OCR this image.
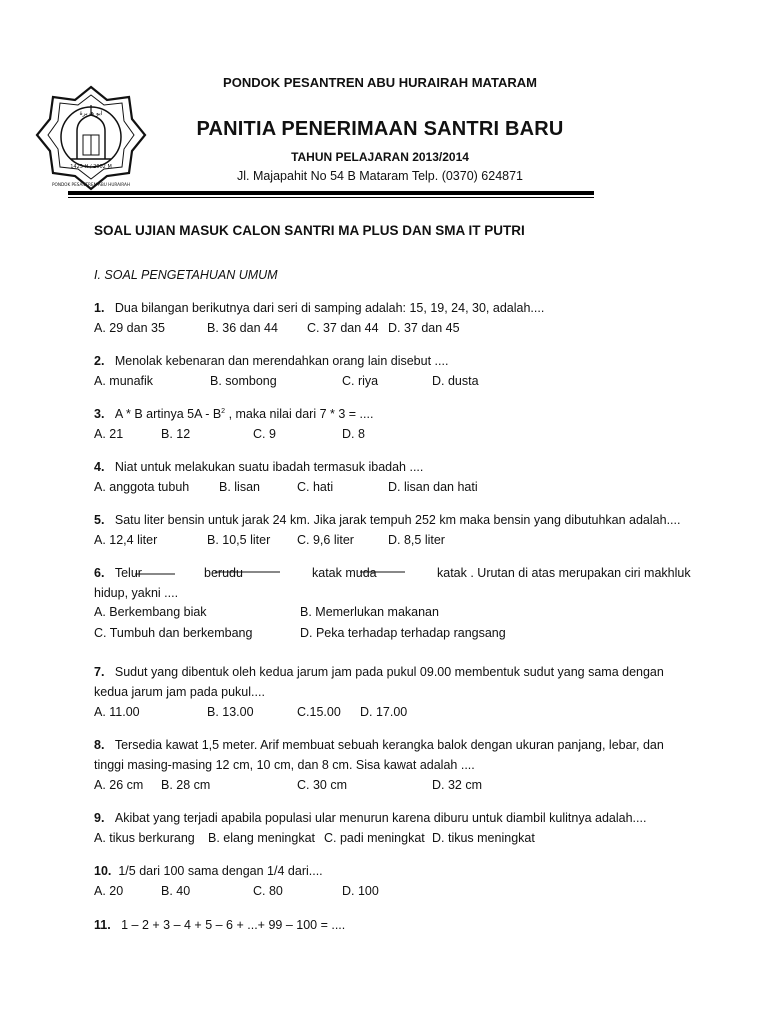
ابو هريرة
1425 H / 2002 M
PONDOK PESANTREN ABU HURAIRAH
PONDOK PESANTREN ABU HURAIRAH MATARAM
PANITIA PENERIMAAN SANTRI BARU
TAHUN PELAJARAN 2013/2014
Jl. Majapahit No 54 B Mataram Telp. (0370) 624871
SOAL UJIAN MASUK CALON SANTRI MA PLUS DAN SMA IT PUTRI
I. SOAL PENGETAHUAN UMUM
1. Dua bilangan berikutnya dari seri di samping adalah: 15, 19, 24, 30, adalah....
A. 29 dan 35	B. 36 dan 44 C. 37 dan 44 D. 37 dan 45
2. Menolak kebenaran dan merendahkan orang lain disebut ....
A. munafik	B. sombong	C. riya	D. dusta
3. A * B artinya $5A - B^2$ , maka nilai dari 7 * 3 = ....
A. 21	B. 12	C. 9	D. 8
4. Niat untuk melakukan suatu ibadah termasuk ibadah ....
A. anggota tubuh B. lisan	C. hati	D. lisan dan hati
5. Satu liter bensin untuk jarak 24 km. Jika jarak tempuh 252 km maka bensin yang dibutuhkan adalah....
A. 12,4 liter	B. 10,5 liter C. 9,6 liter	D. 8,5 liter
6. Telur	berudu	katak muda	katak . Urutan di atas merupakan ciri makhluk
hidup, yakni ....
A. Berkembang biak	B. Memerlukan makanan
C. Tumbuh dan berkembang	D. Peka terhadap terhadap rangsang
7. Sudut yang dibentuk oleh kedua jarum jam pada pukul 09.00 membentuk sudut yang sama dengan
kedua jarum jam pada pukul....
A. 11.00	B. 13.00	C.15.00 D. 17.00
8. Tersedia kawat 1,5 meter. Arif membuat sebuah kerangka balok dengan ukuran panjang, lebar, dan
tinggi masing-masing 12 cm, 10 cm, dan 8 cm. Sisa kawat adalah ....
A. 26 cm B. 28 cm	C. 30 cm	D. 32 cm
9. Akibat yang terjadi apabila populasi ular menurun karena diburu untuk diambil kulitnya adalah....
A. tikus berkurang B. elang meningkat C. padi meningkat D. tikus meningkat
10. 1/5 dari 100 sama dengan 1/4 dari....
A. 20	B. 40	C. 80	D. 100
11. 1 – 2 + 3 – 4 + 5 – 6 + ...+ 99 – 100 = ....
